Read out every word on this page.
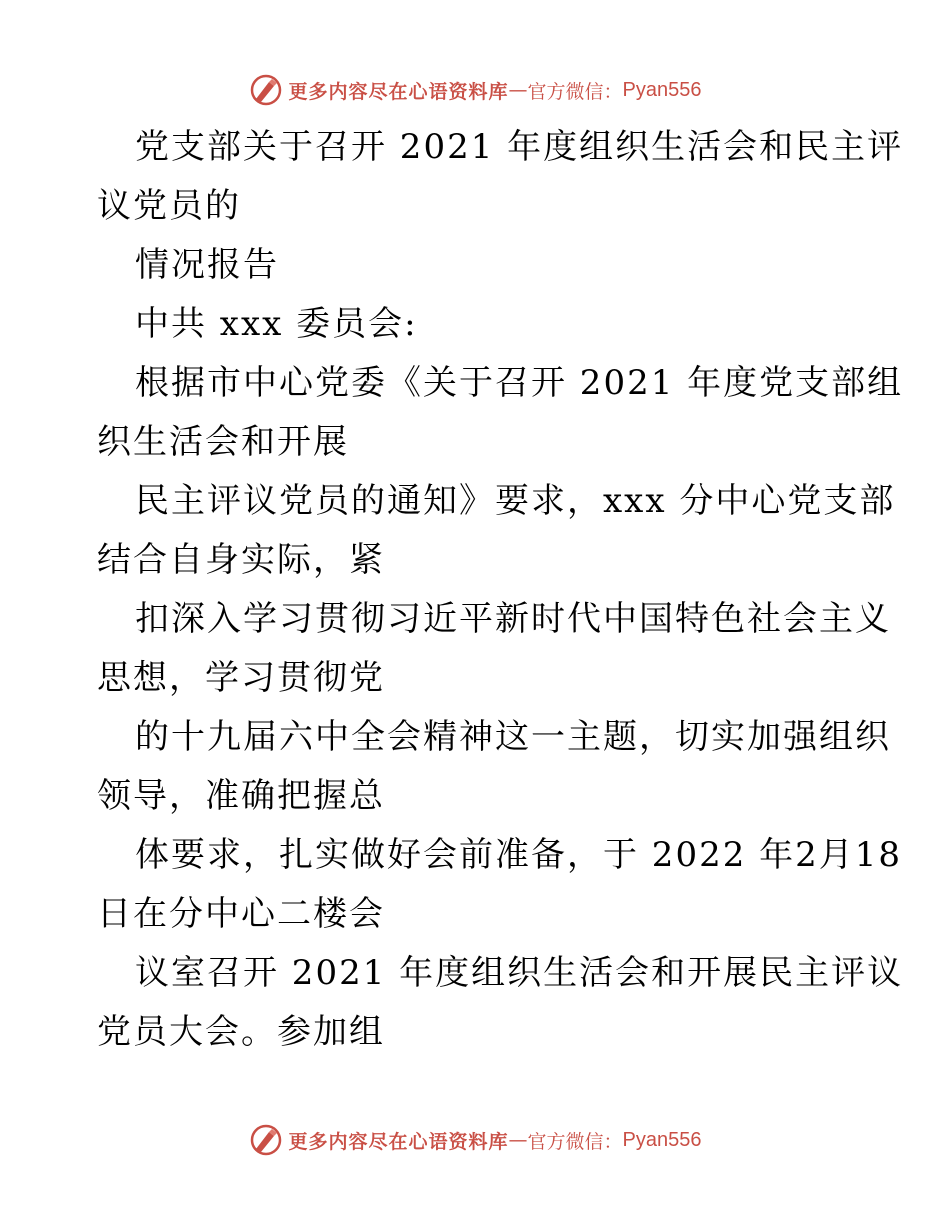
更多内容尽在心语资料库 — 官方微信： Pyan556
党支部关于召开 2021 年度组织生活会和民主评
议党员的
情况报告
中共 xxx 委员会:
根据市中心党委《关于召开 2021 年度党支部组
织生活会和开展
民主评议党员的通知》要求，xxx 分中心党支部
结合自身实际，紧
扣深入学习贯彻习近平新时代中国特色社会主义
思想，学习贯彻党
的十九届六中全会精神这一主题，切实加强组织
领导，准确把握总
体要求，扎实做好会前准备，于 2022 年2月18
日在分中心二楼会
议室召开 2021 年度组织生活会和开展民主评议
党员大会。参加组
更多内容尽在心语资料库 — 官方微信： Pyan556
